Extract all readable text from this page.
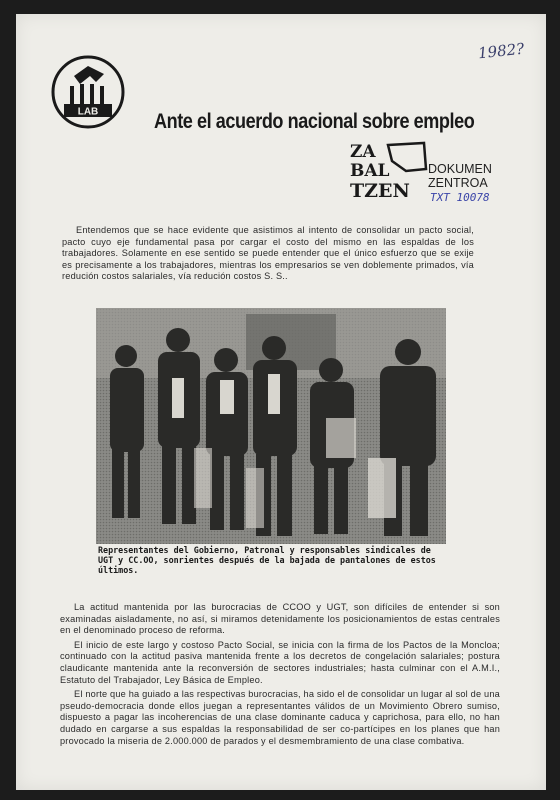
1982?
LAB	Ante el acuerdo nacional sobre empleo
ZA
BAL
TZEN
DOKUMEN
ZENTROA
TXT 10078

Entendemos que se hace evidente que asistimos al intento de consolidar un pacto social, pacto cuyo eje fundamental pasa por cargar el costo del mismo en las espaldas de los trabajadores. Solamente en ese sentido se puede entender que el único esfuerzo que se exije es precisamente a los trabajadores, mientras los empresarios se ven doblemente primados, vía redución costos salariales, vía redución costos S. S..

Representantes del Gobierno, Patronal y responsables sindicales de UGT y CC.OO, sonrientes después de la bajada de pantalones de estos últimos.

La actitud mantenida por las burocracias de CCOO y UGT, son difíciles de entender si son examinadas aisladamente, no así, si miramos detenidamente los posicionamientos de estas centrales en el denominado proceso de reforma.

El inicio de este largo y costoso Pacto Social, se inicia con la firma de los Pactos de la Moncloa; continuado con la actitud pasiva mantenida frente a los decretos de congelación salariales; postura claudicante mantenida ante la reconversión de sectores industriales; hasta culminar con el A.M.I., Estatuto del Trabajador, Ley Básica de Empleo.

El norte que ha guiado a las respectivas burocracias, ha sido el de consolidar un lugar al sol de una pseudo-democracia donde ellos juegan a representantes válidos de un Movimiento Obrero sumiso, dispuesto a pagar las incoherencias de una clase dominante caduca y caprichosa, para ello, no han dudado en cargarse a sus espaldas la responsabilidad de ser co-partícipes en los planes que han provocado la miseria de 2.000.000 de parados y el desmembramiento de una clase combativa.
